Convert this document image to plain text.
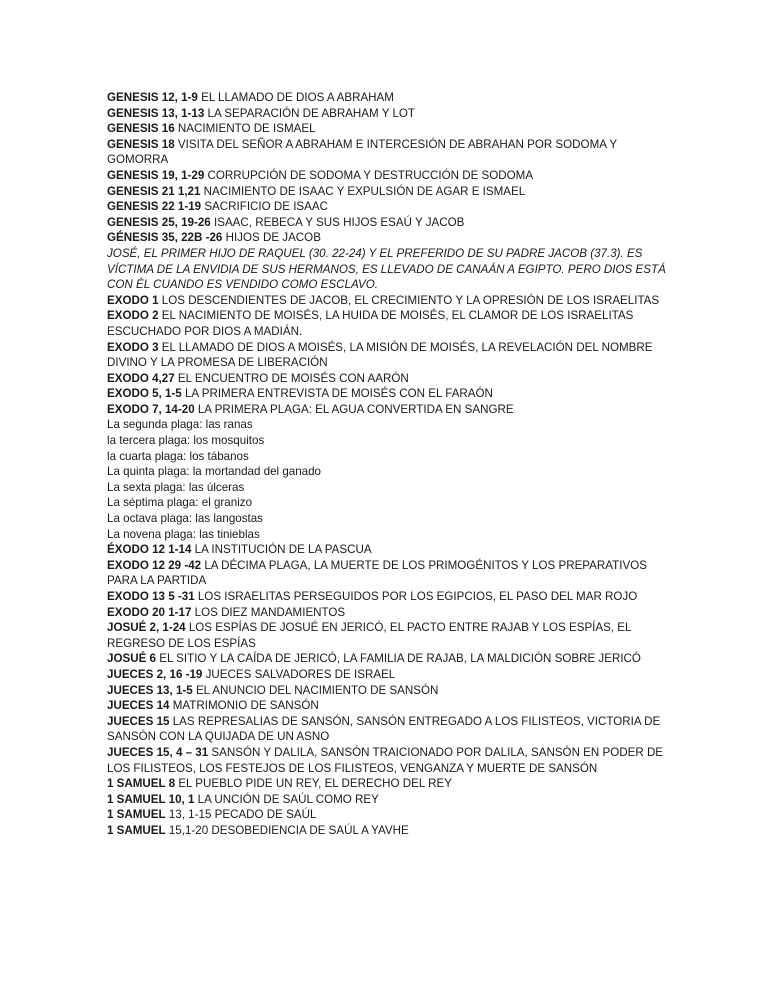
GENESIS 12, 1-9 EL LLAMADO DE DIOS A ABRAHAM

GENESIS 13, 1-13 LA SEPARACIÓN DE ABRAHAM Y LOT

GENESIS 16 NACIMIENTO DE ISMAEL

GENESIS 18 VISITA DEL SEÑOR A ABRAHAM E INTERCESIÓN DE ABRAHAN POR SODOMA Y GOMORRA

GENESIS 19, 1-29 CORRUPCIÓN DE SODOMA Y DESTRUCCIÓN DE SODOMA

GENESIS 21 1,21 NACIMIENTO DE ISAAC Y EXPULSIÓN DE AGAR E ISMAEL

GENESIS 22 1-19 SACRIFICIO DE ISAAC

GENESIS 25, 19-26 ISAAC, REBECA Y SUS HIJOS ESAÚ Y JACOB

GÉNESIS 35, 22B -26 HIJOS DE JACOB

JOSÉ, EL PRIMER HIJO DE RAQUEL (30. 22-24) Y EL PREFERIDO DE SU PADRE JACOB (37.3). ES VÍCTIMA DE LA ENVIDIA DE SUS HERMANOS, ES LLEVADO DE CANAÁN A EGIPTO. PERO DIOS ESTÁ CON ÉL CUANDO ES VENDIDO COMO ESCLAVO.

EXODO 1 LOS DESCENDIENTES DE JACOB, EL CRECIMIENTO Y LA OPRESIÓN DE LOS ISRAELITAS

EXODO 2 EL NACIMIENTO DE MOISÉS, LA HUIDA DE MOISÉS, EL CLAMOR DE LOS ISRAELITAS ESCUCHADO POR DIOS A MADIÁN.

EXODO 3 EL LLAMADO DE DIOS A MOISÉS, LA MISIÓN DE MOISÉS, LA REVELACIÓN DEL NOMBRE DIVINO Y LA PROMESA DE LIBERACIÓN

EXODO 4,27 EL ENCUENTRO DE MOISÉS CON AARÓN

EXODO 5, 1-5 LA PRIMERA ENTREVISTA DE MOISÉS CON EL FARAÓN

EXODO 7, 14-20 LA PRIMERA PLAGA: EL AGUA CONVERTIDA EN SANGRE

La segunda plaga: las ranas

la tercera plaga: los mosquitos

la cuarta plaga: los tábanos

La quinta plaga: la mortandad del ganado

La sexta plaga: las úlceras

La séptima plaga: el granizo

La octava plaga: las langostas

La novena plaga: las tinieblas

ÉXODO 12 1-14 LA INSTITUCIÓN DE LA PASCUA

EXODO 12 29 -42 LA DÉCIMA PLAGA, LA MUERTE DE LOS PRIMOGÉNITOS Y LOS PREPARATIVOS PARA LA PARTIDA

EXODO 13 5 -31 LOS ISRAELITAS PERSEGUIDOS POR LOS EGIPCIOS, EL PASO DEL MAR ROJO

EXODO 20 1-17 LOS DIEZ MANDAMIENTOS

JOSUÉ 2, 1-24 LOS ESPÍAS DE JOSUÉ EN JERICÓ, EL PACTO ENTRE RAJAB Y LOS ESPÍAS, EL REGRESO DE LOS ESPÍAS

JOSUÉ 6 EL SITIO Y LA CAÍDA DE JERICÓ, LA FAMILIA DE RAJAB, LA MALDICIÓN SOBRE JERICÓ

JUECES 2, 16 -19 JUECES SALVADORES DE ISRAEL

JUECES 13, 1-5 EL ANUNCIO DEL NACIMIENTO DE SANSÓN

JUECES 14 MATRIMONIO DE SANSÓN

JUECES 15 LAS REPRESALIAS DE SANSÓN, SANSÓN ENTREGADO A LOS FILISTEOS, VICTORIA DE SANSÓN CON LA QUIJADA DE UN ASNO

JUECES 15, 4 – 31 SANSÓN Y DALILA, SANSÓN TRAICIONADO POR DALILA, SANSÓN EN PODER DE LOS FILISTEOS, LOS FESTEJOS DE LOS FILISTEOS, VENGANZA Y MUERTE DE SANSÓN

1 SAMUEL 8 EL PUEBLO PIDE UN REY, EL DERECHO DEL REY

1 SAMUEL 10, 1 LA UNCIÓN DE SAÚL COMO REY

1 SAMUEL 13, 1-15 PECADO DE SAÚL

1 SAMUEL 15,1-20 DESOBEDIENCIA DE SAÚL A YAVHE
